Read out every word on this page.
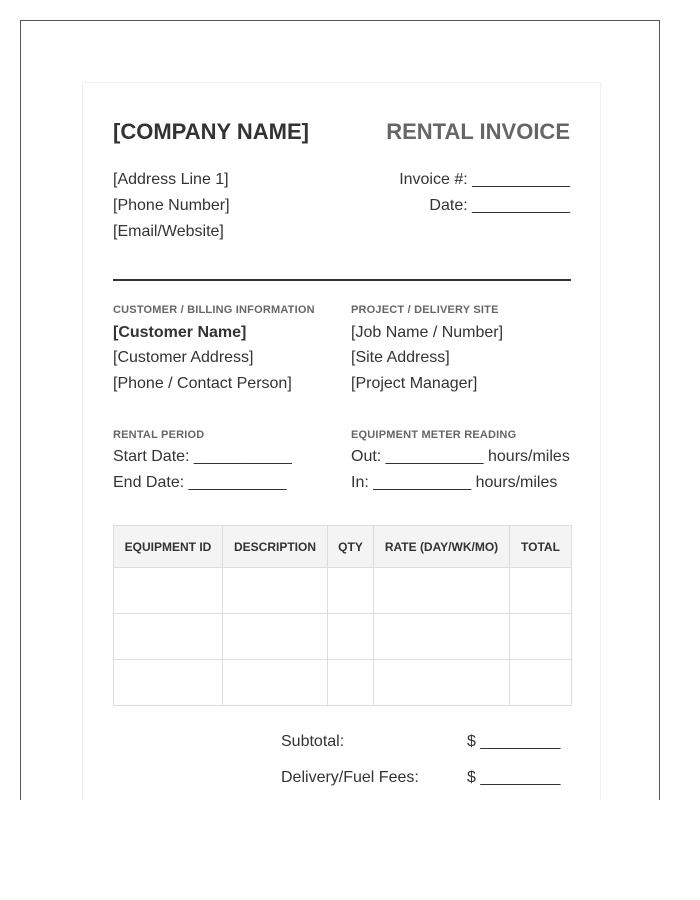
[COMPANY NAME]	RENTAL INVOICE
[Address Line 1]
[Phone Number]
[Email/Website]
Invoice #: ___________
Date: ___________
CUSTOMER / BILLING INFORMATION
[Customer Name]
[Customer Address]
[Phone / Contact Person]
PROJECT / DELIVERY SITE
[Job Name / Number]
[Site Address]
[Project Manager]
RENTAL PERIOD
Start Date: ___________
End Date: ___________
EQUIPMENT METER READING
Out: ___________ hours/miles
In: ___________ hours/miles
EQUIPMENT ID	DESCRIPTION	QTY	RATE (DAY/WK/MO)	TOTAL

Subtotal:	$ _________
Delivery/Fuel Fees:	$ _________
